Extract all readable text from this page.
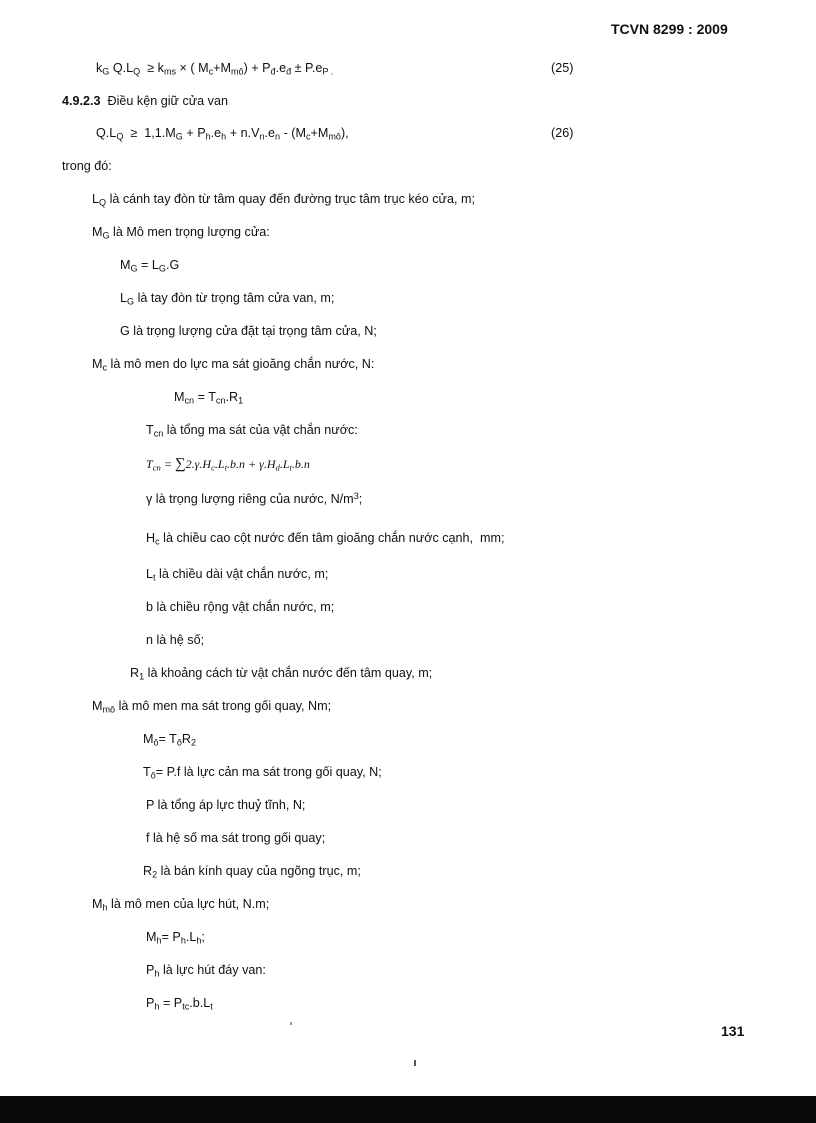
TCVN 8299 : 2009
$k_G$ $Q.L_Q \ge k_{ms}$ × ( $M_c+M_{mô}) + P_đ.e_đ \pm P.e_{P .}$	(25)
4.9.2.3 Điều kện giữ cửa van
$Q.L_Q \ge 1,1.M_G + P_h.e_h + n.V_n.e_n - (M_c+M_{mô})$,	(26)
trong đó:
$L_Q$ là cánh tay đòn từ tâm quay đến đường trục tâm trục kéo cửa, m;
$M_G$ là Mô men trọng lượng cửa:
$M_G = L_G.G$
$L_G$ là tay đòn từ trọng tâm cửa van, m;
G là trọng lượng cửa đặt tại trọng tâm cửa, N;
$M_c$ là mô men do lực ma sát gioăng chắn nước, N:
$M_{cn} = T_{cn}.R_1$
$T_{cn}$ là tổng ma sát của vật chắn nước:
$T_{cn} = \sum 2.\gamma.H_c.L_t.b.n + \gamma.H_d.L_t.b.n$
γ là trọng lượng riêng của nước, $N/m^3$;
$H_c$ là chiều cao cột nước đến tâm gioăng chắn nước cạnh,  mm;
$L_t$ là chiều dài vật chắn nước, m;
b là chiều rộng vật chắn nước, m;
n là hệ số;
$R_1$ là khoảng cách từ vật chắn nước đến tâm quay, m;
$M_{mô}$ là mô men ma sát trong gối quay, Nm;
$M_ô= T_ôR_2$
$T_ô= P.f$ là lực cản ma sát trong gối quay, N;
P là tổng áp lực thuỷ tĩnh, N;
f là hệ số ma sát trong gối quay;
$R_2$ là bán kính quay của ngõng trục, m;
$M_h$ là mô men của lực hút, N.m;
$M_h= P_h.L_h$;
$P_h$ là lực hút đáy van:
$P_h = P_{tc}.b.L_t$
131
